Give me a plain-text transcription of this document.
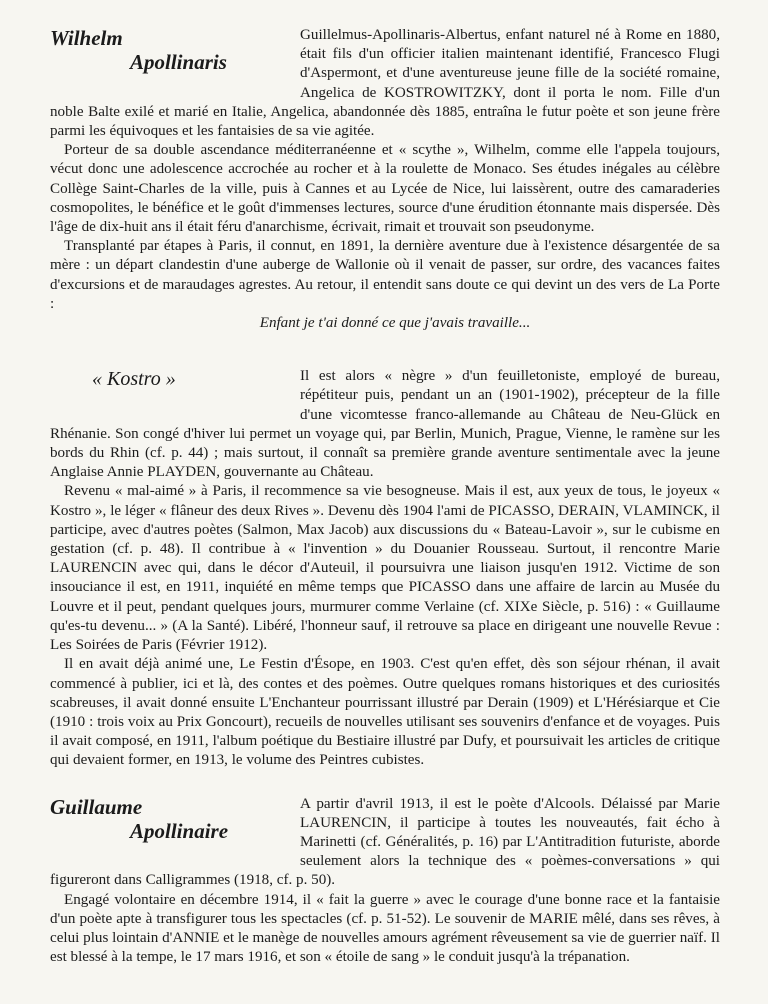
Wilhelm
Apollinaris

Guillelmus-Apollinaris-Albertus, enfant naturel né à Rome en 1880, était fils d'un officier italien maintenant identifié, Francesco Flugi d'Aspermont, et d'une aventureuse jeune fille de la société romaine, Angelica de KOSTROWITZKY, dont il porta le nom. Fille d'un noble Balte exilé et marié en Italie, Angelica, abandonnée dès 1885, entraîna le futur poète et son jeune frère parmi les équivoques et les fantaisies de sa vie agitée.

Porteur de sa double ascendance méditerranéenne et « scythe », Wilhelm, comme elle l'appela toujours, vécut donc une adolescence accrochée au rocher et à la roulette de Monaco. Ses études inégales au célèbre Collège Saint-Charles de la ville, puis à Cannes et au Lycée de Nice, lui laissèrent, outre des camaraderies cosmopolites, le bénéfice et le goût d'immenses lectures, source d'une érudition étonnante mais dispersée. Dès l'âge de dix-huit ans il était féru d'anarchisme, écrivait, rimait et trouvait son pseudonyme.

Transplanté par étapes à Paris, il connut, en 1891, la dernière aventure due à l'existence désargentée de sa mère : un départ clandestin d'une auberge de Wallonie où il venait de passer, sur ordre, des vacances faites d'excursions et de maraudages agrestes. Au retour, il entendit sans doute ce qui devint un des vers de La Porte :

Enfant je t'ai donné ce que j'avais travaille...

« Kostro »	Il est alors « nègre » d'un feuilletoniste, employé de bureau, répétiteur puis, pendant un an (1901-1902), précepteur de la fille d'une vicomtesse franco-allemande au Château de Neu-Glück en Rhénanie. Son congé d'hiver lui permet un voyage qui, par Berlin, Munich, Prague, Vienne, le ramène sur les bords du Rhin (cf. p. 44) ; mais surtout, il connaît sa première grande aventure sentimentale avec la jeune Anglaise Annie PLAYDEN, gouvernante au Château.

Revenu « mal-aimé » à Paris, il recommence sa vie besogneuse. Mais il est, aux yeux de tous, le joyeux « Kostro », le léger « flâneur des deux Rives ». Devenu dès 1904 l'ami de PICASSO, DERAIN, VLAMINCK, il participe, avec d'autres poètes (Salmon, Max Jacob) aux discussions du « Bateau-Lavoir », sur le cubisme en gestation (cf. p. 48). Il contribue à « l'invention » du Douanier Rousseau. Surtout, il rencontre Marie LAURENCIN avec qui, dans le décor d'Auteuil, il poursuivra une liaison jusqu'en 1912. Victime de son insouciance il est, en 1911, inquiété en même temps que PICASSO dans une affaire de larcin au Musée du Louvre et il peut, pendant quelques jours, murmurer comme Verlaine (cf. XIXe Siècle, p. 516) : « Guillaume qu'es-tu devenu... » (A la Santé). Libéré, l'honneur sauf, il retrouve sa place en dirigeant une nouvelle Revue : Les Soirées de Paris (Février 1912).

Il en avait déjà animé une, Le Festin d'Ésope, en 1903. C'est qu'en effet, dès son séjour rhénan, il avait commencé à publier, ici et là, des contes et des poèmes. Outre quelques romans historiques et des curiosités scabreuses, il avait donné ensuite L'Enchanteur pourrissant illustré par Derain (1909) et L'Hérésiarque et Cie (1910 : trois voix au Prix Goncourt), recueils de nouvelles utilisant ses souvenirs d'enfance et de voyages. Puis il avait composé, en 1911, l'album poétique du Bestiaire illustré par Dufy, et poursuivait les articles de critique qui devaient former, en 1913, le volume des Peintres cubistes.

Guillaume
Apollinaire

A partir d'avril 1913, il est le poète d'Alcools. Délaissé par Marie LAURENCIN, il participe à toutes les nouveautés, fait écho à Marinetti (cf. Généralités, p. 16) par L'Antitradition futuriste, aborde seulement alors la technique des « poèmes-conversations » qui figureront dans Calligrammes (1918, cf. p. 50).

Engagé volontaire en décembre 1914, il « fait la guerre » avec le courage d'une bonne race et la fantaisie d'un poète apte à transfigurer tous les spectacles (cf. p. 51-52). Le souvenir de MARIE mêlé, dans ses rêves, à celui plus lointain d'ANNIE et le manège de nouvelles amours agrément rêveusement sa vie de guerrier naïf. Il est blessé à la tempe, le 17 mars 1916, et son « étoile de sang » le conduit jusqu'à la trépanation.
